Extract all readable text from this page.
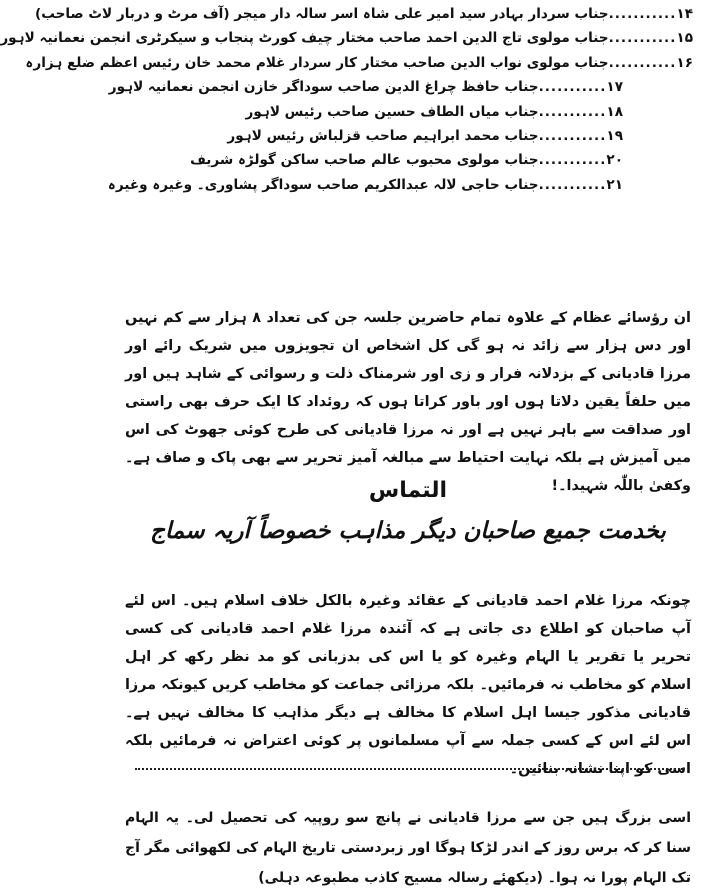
۱۴...........جناب سردار بہادر سید امیر علی شاہ اسر سالہ دار میجر (آف مرٹ و دربار لاٹ صاحب)
۱۵...........جناب مولوی تاج الدین احمد صاحب مختار چیف کورٹ پنجاب و سیکرٹری انجمن نعمانیہ لاہور
۱۶...........جناب مولوی نواب الدین صاحب مختار کار سردار غلام محمد خان رئیس اعظم ضلع ہزارہ
۱۷...........جناب حافظ چراغ الدین صاحب سوداگر خازن انجمن نعمانیہ لاہور
۱۸...........جناب میاں الطاف حسین صاحب رئیس لاہور
۱۹...........جناب محمد ابراہیم صاحب قزلباش رئیس لاہور
۲۰...........جناب مولوی محبوب عالم صاحب ساکن گولڑہ شریف
۲۱...........جناب حاجی لالہ عبدالکریم صاحب سوداگر پشاوری۔ وغیرہ وغیرہ

ان رؤسائے عظام کے علاوہ تمام حاضرین جلسہ جن کی تعداد ۸ ہزار سے کم نہیں اور دس ہزار سے زائد نہ ہو گی کل اشخاص ان تجویزوں میں شریک رائے اور مرزا قادیانی کے بزدلانہ فرار و زی اور شرمناک ذلت و رسوائی کے شاہد ہیں اور میں حلفاً یقین دلاتا ہوں اور باور کراتا ہوں کہ روئداد کا ایک حرف بھی راستی اور صداقت سے باہر نہیں ہے اور نہ مرزا قادیانی کی طرح کوئی جھوٹ کی اس میں آمیزش ہے بلکہ نہایت احتیاط سے مبالغہ آمیز تحریر سے بھی پاک و صاف ہے۔ وکفیٰ باللّٰہ شہیدا۔!

التماس
بخدمت جمیع صاحبان دیگر مذاہب خصوصاً آریہ سماج

چونکہ مرزا غلام احمد قادیانی کے عقائد وغیرہ بالکل خلاف اسلام ہیں۔ اس لئے آپ صاحبان کو اطلاع دی جاتی ہے کہ آئندہ مرزا غلام احمد قادیانی کی کسی تحریر یا تقریر یا الہام وغیرہ کو یا اس کی بدزبانی کو مد نظر رکھ کر اہل اسلام کو مخاطب نہ فرمائیں۔ بلکہ مرزائی جماعت کو مخاطب کریں کیونکہ مرزا قادیانی مذکور جیسا اہل اسلام کا مخالف ہے دیگر مذاہب کا مخالف نہیں ہے۔ اس لئے اس کے کسی جملہ سے آپ مسلمانوں پر کوئی اعتراض نہ فرمائیں بلکہ اسی کو اپنا نشانہ بنائیں۔

اسی بزرگ ہیں جن سے مرزا قادیانی نے پانچ سو روپیہ کی تحصیل لی۔ یہ الہام سنا کر کہ برس روز کے اندر لڑکا ہوگا اور زبردستی تاریخ الہام کی لکھوائی مگر آج تک الہام پورا نہ ہوا۔ (دیکھئے رسالہ مسیح کاذب مطبوعہ دہلی)
